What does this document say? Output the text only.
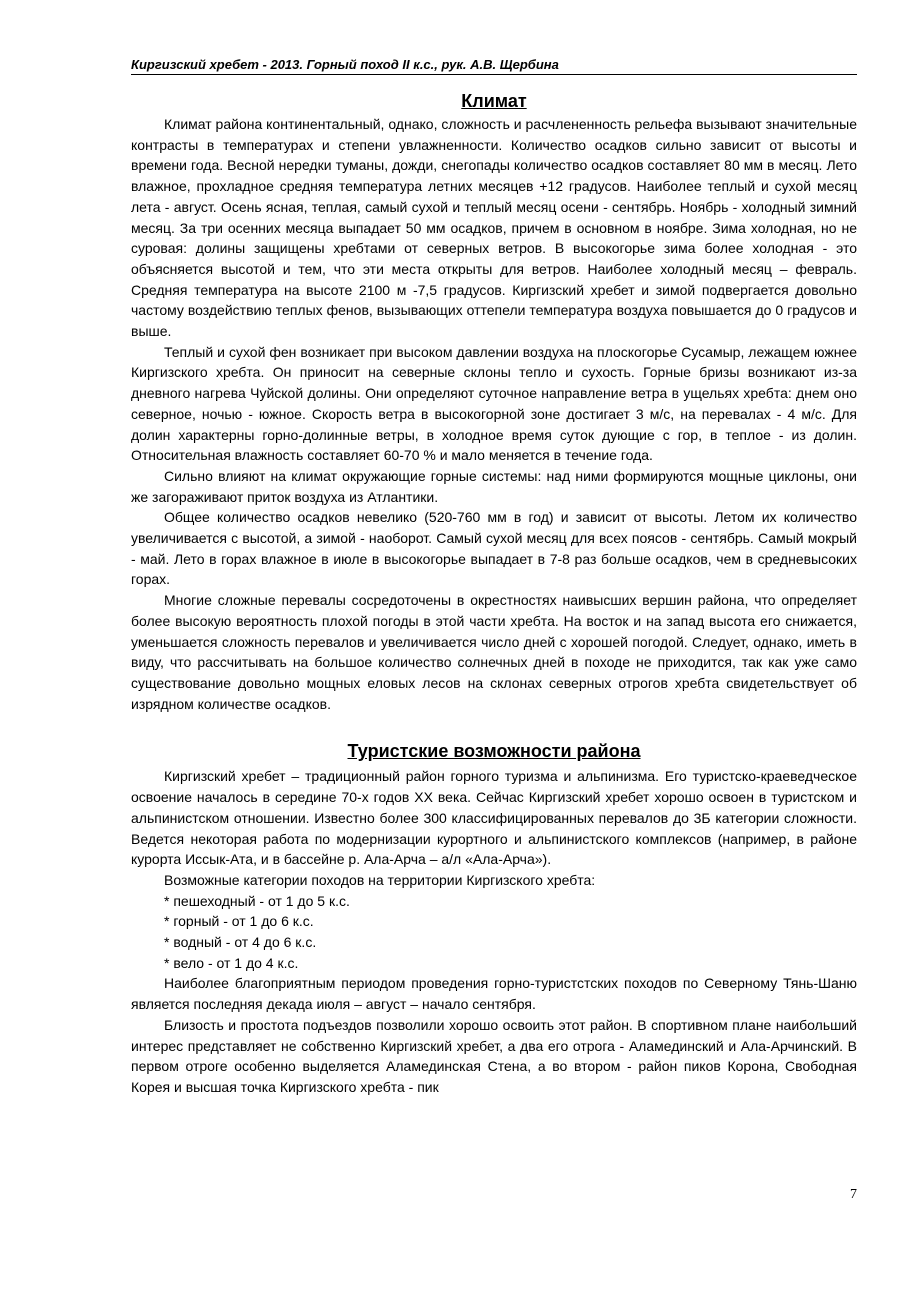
Киргизский хребет - 2013. Горный поход II к.с., рук. А.В. Щербина
Климат

Климат района континентальный, однако, сложность и расчлененность рельефа вызывают значительные контрасты в температурах и степени увлажненности. Количество осадков сильно зависит от высоты и времени года. Весной нередки туманы, дожди, снегопады количество осадков составляет 80 мм в месяц. Лето влажное, прохладное средняя температура летних месяцев +12 градусов. Наиболее теплый и сухой месяц лета - август. Осень ясная, теплая, самый сухой и теплый месяц осени - сентябрь. Ноябрь - холодный зимний месяц. За три осенних месяца выпадает 50 мм осадков, причем в основном в ноябре. Зима холодная, но не суровая: долины защищены хребтами от северных ветров. В высокогорье зима более холодная - это объясняется высотой и тем, что эти места открыты для ветров. Наиболее холодный месяц – февраль. Средняя температура на высоте 2100 м -7,5 градусов. Киргизский хребет и зимой подвергается довольно частому воздействию теплых фенов, вызывающих оттепели температура воздуха повышается до 0 градусов и выше.

Теплый и сухой фен возникает при высоком давлении воздуха на плоскогорье Сусамыр, лежащем южнее Киргизского хребта. Он приносит на северные склоны тепло и сухость. Горные бризы возникают из-за дневного нагрева Чуйской долины. Они определяют суточное направление ветра в ущельях хребта: днем оно северное, ночью - южное. Скорость ветра в высокогорной зоне достигает 3 м/с, на перевалах - 4 м/с. Для долин характерны горно-долинные ветры, в холодное время суток дующие с гор, в теплое - из долин. Относительная влажность составляет 60-70 % и мало меняется в течение года.

Сильно влияют на климат окружающие горные системы: над ними формируются мощные циклоны, они же загораживают приток воздуха из Атлантики.

Общее количество осадков невелико (520-760 мм в год) и зависит от высоты. Летом их количество увеличивается с высотой, а зимой - наоборот. Самый сухой месяц для всех поясов - сентябрь. Самый мокрый - май. Лето в горах влажное в июле в высокогорье выпадает в 7-8 раз больше осадков, чем в средневысоких горах.

Многие сложные перевалы сосредоточены в окрестностях наивысших вершин района, что определяет более высокую вероятность плохой погоды в этой части хребта. На восток и на запад высота его снижается, уменьшается сложность перевалов и увеличивается число дней с хорошей погодой. Следует, однако, иметь в виду, что рассчитывать на большое количество солнечных дней в походе не приходится, так как уже само существование довольно мощных еловых лесов на склонах северных отрогов хребта свидетельствует об изрядном количестве осадков.

Туристские возможности района

Киргизский хребет – традиционный район горного туризма и альпинизма. Его туристско-краеведческое освоение началось в середине 70-х годов ХХ века. Сейчас Киргизский хребет хорошо освоен в туристском и альпинистском отношении. Известно более 300 классифицированных перевалов до 3Б категории сложности. Ведется некоторая работа по модернизации курортного и альпинистского комплексов (например, в районе курорта Иссык-Ата, и в бассейне р. Ала-Арча – а/л «Ала-Арча»).

Возможные категории походов на территории Киргизского хребта:

* пешеходный - от 1 до 5 к.с.
* горный - от 1 до 6 к.с.
* водный - от 4 до 6 к.с.
* вело - от 1 до 4 к.с.

Наиболее благоприятным периодом проведения горно-туристстских походов по Северному Тянь-Шаню является последняя декада июля – август – начало сентября.

Близость и простота подъездов позволили хорошо освоить этот район. В спортивном плане наибольший интерес представляет не собственно Киргизский хребет, а два его отрога - Аламединский и Ала-Арчинский. В первом отроге особенно выделяется Аламединская Стена, а во втором - район пиков Корона, Свободная Корея и высшая точка Киргизского хребта - пик

7
